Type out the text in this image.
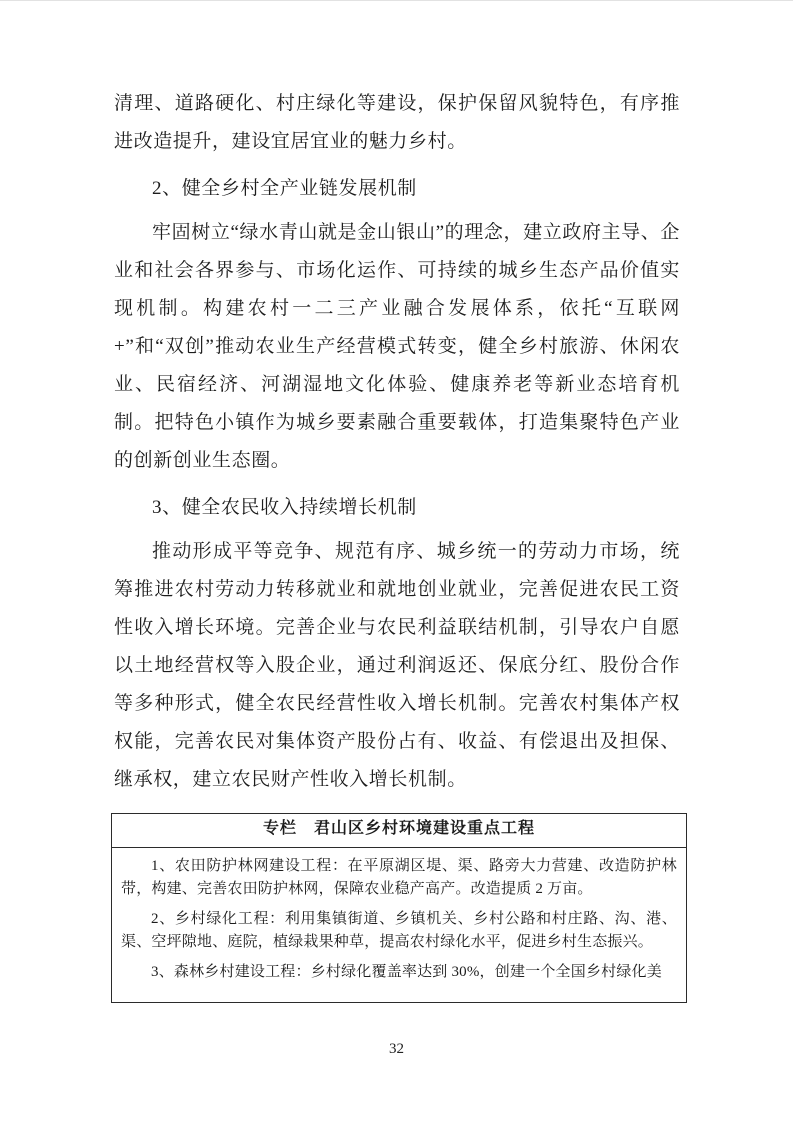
清理、道路硬化、村庄绿化等建设，保护保留风貌特色，有序推进改造提升，建设宜居宜业的魅力乡村。

2、健全乡村全产业链发展机制

牢固树立“绿水青山就是金山银山”的理念，建立政府主导、企业和社会各界参与、市场化运作、可持续的城乡生态产品价值实现机制。构建农村一二三产业融合发展体系，依托“互联网+”和“双创”推动农业生产经营模式转变，健全乡村旅游、休闲农业、民宿经济、河湖湿地文化体验、健康养老等新业态培育机制。把特色小镇作为城乡要素融合重要载体，打造集聚特色产业的创新创业生态圈。

3、健全农民收入持续增长机制

推动形成平等竞争、规范有序、城乡统一的劳动力市场，统筹推进农村劳动力转移就业和就地创业就业，完善促进农民工资性收入增长环境。完善企业与农民利益联结机制，引导农户自愿以土地经营权等入股企业，通过利润返还、保底分红、股份合作等多种形式，健全农民经营性收入增长机制。完善农村集体产权权能，完善农民对集体资产股份占有、收益、有偿退出及担保、继承权，建立农民财产性收入增长机制。

专栏　君山区乡村环境建设重点工程

1、农田防护林网建设工程：在平原湖区堤、渠、路旁大力营建、改造防护林带，构建、完善农田防护林网，保障农业稳产高产。改造提质 2 万亩。

2、乡村绿化工程：利用集镇街道、乡镇机关、乡村公路和村庄路、沟、港、渠、空坪隙地、庭院，植绿栽果种草，提高农村绿化水平，促进乡村生态振兴。

3、森林乡村建设工程：乡村绿化覆盖率达到 30%，创建一个全国乡村绿化美

32
